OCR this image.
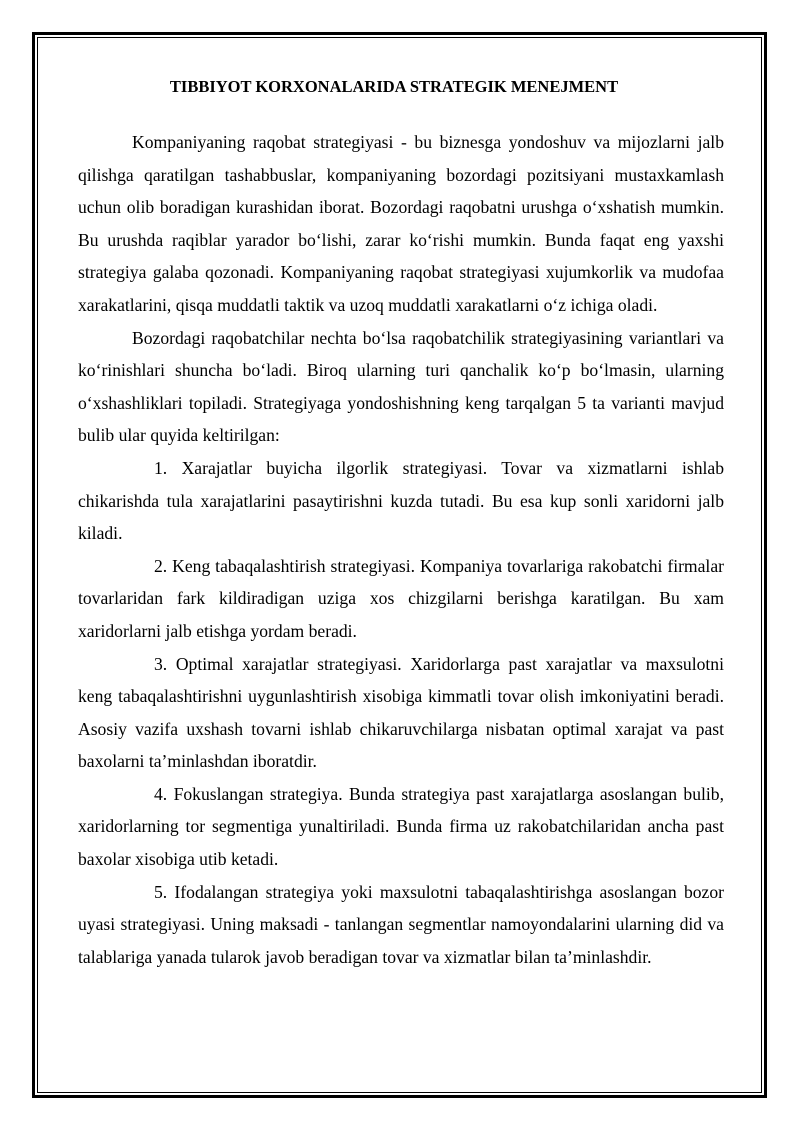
TIBBIYOT KORXONALARIDA STRATEGIK MENEJMENT

Kompaniyaning raqobat strategiyasi - bu biznesga yondoshuv va mijozlarni jalb qilishga qaratilgan tashabbuslar, kompaniyaning bozordagi pozitsiyani mustaxkamlash uchun olib boradigan kurashidan iborat. Bozordagi raqobatni urushga o‘xshatish mumkin. Bu urushda raqiblar yarador bo‘lishi, zarar ko‘rishi mumkin. Bunda faqat eng yaxshi strategiya galaba qozonadi. Kompaniyaning raqobat strategiyasi xujumkorlik va mudofaa xarakatlarini, qisqa muddatli taktik va uzoq muddatli xarakatlarni o‘z ichiga oladi.

Bozordagi raqobatchilar nechta bo‘lsa raqobatchilik strategiyasining variantlari va ko‘rinishlari shuncha bo‘ladi. Biroq ularning turi qanchalik ko‘p bo‘lmasin, ularning o‘xshashliklari topiladi. Strategiyaga yondoshishning keng tarqalgan 5 ta varianti mavjud bulib ular quyida keltirilgan:

1. Xarajatlar buyicha ilgorlik strategiyasi. Tovar va xizmatlarni ishlab chikarishda tula xarajatlarini pasaytirishni kuzda tutadi. Bu esa kup sonli xaridorni jalb kiladi.

2. Keng tabaqalashtirish strategiyasi. Kompaniya tovarlariga rakobatchi firmalar tovarlaridan fark kildiradigan uziga xos chizgilarni berishga karatilgan. Bu xam xaridorlarni jalb etishga yordam beradi.

3. Optimal xarajatlar strategiyasi. Xaridorlarga past xarajatlar va maxsulotni keng tabaqalashtirishni uygunlashtirish xisobiga kimmatli tovar olish imkoniyatini beradi. Asosiy vazifa uxshash tovarni ishlab chikaruvchilarga nisbatan optimal xarajat va past baxolarni ta’minlashdan iboratdir.

4. Fokuslangan strategiya. Bunda strategiya past xarajatlarga asoslangan bulib, xaridorlarning tor segmentiga yunaltiriladi. Bunda firma uz rakobatchilaridan ancha past baxolar xisobiga utib ketadi.

5. Ifodalangan strategiya yoki maxsulotni tabaqalashtirishga asoslangan bozor uyasi strategiyasi. Uning maksadi - tanlangan segmentlar namoyondalarini ularning did va talablariga yanada tularok javob beradigan tovar va xizmatlar bilan ta’minlashdir.
